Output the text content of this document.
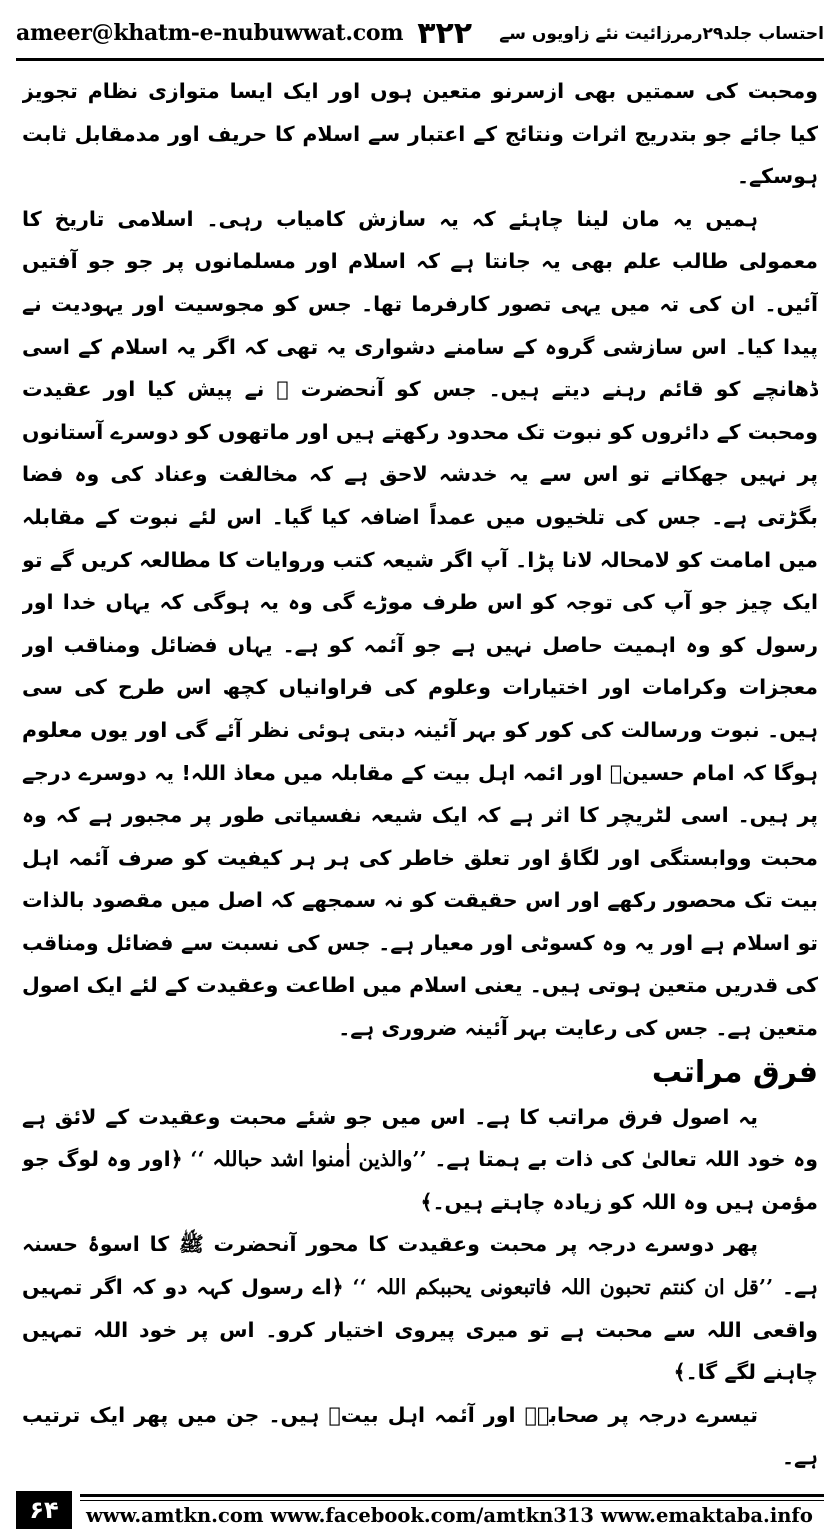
ameer@khatm-e-nubuwwat.com ۳۲۲ احتساب جلد۲۹رمرزائیت نئے زاویوں سے

ومحبت کی سمتیں بھی ازسرنو متعین ہوں اور ایک ایسا متوازی نظام تجویز کیا جائے جو بتدریج اثرات ونتائج کے اعتبار سے اسلام کا حریف اور مدمقابل ثابت ہوسکے۔

ہمیں یہ مان لینا چاہئے کہ یہ سازش کامیاب رہی۔ اسلامی تاریخ کا معمولی طالب علم بھی یہ جانتا ہے کہ اسلام اور مسلمانوں پر جو جو آفتیں آئیں۔ ان کی تہ میں یہی تصور کارفرما تھا۔ جس کو مجوسیت اور یہودیت نے پیدا کیا۔ اس سازشی گروہ کے سامنے دشواری یہ تھی کہ اگر یہ اسلام کے اسی ڈھانچے کو قائم رہنے دیتے ہیں۔ جس کو آنحضرت ﷺ نے پیش کیا اور عقیدت ومحبت کے دائروں کو نبوت تک محدود رکھتے ہیں اور ماتھوں کو دوسرے آستانوں پر نہیں جھکاتے تو اس سے یہ خدشہ لاحق ہے کہ مخالفت وعناد کی وہ فضا بگڑتی ہے۔ جس کی تلخیوں میں عمداً اضافہ کیا گیا۔ اس لئے نبوت کے مقابلہ میں امامت کو لامحالہ لانا پڑا۔ آپ اگر شیعہ کتب وروایات کا مطالعہ کریں گے تو ایک چیز جو آپ کی توجہ کو اس طرف موڑے گی وہ یہ ہوگی کہ یہاں خدا اور رسول کو وہ اہمیت حاصل نہیں ہے جو آئمہ کو ہے۔ یہاں فضائل ومناقب اور معجزات وکرامات اور اختیارات وعلوم کی فراوانیاں کچھ اس طرح کی سی ہیں۔ نبوت ورسالت کی کور کو بہر آئینہ دبتی ہوئی نظر آئے گی اور یوں معلوم ہوگا کہ امام حسینؓ اور ائمہ اہل بیت کے مقابلہ میں معاذ اللہ! یہ دوسرے درجے پر ہیں۔ اسی لٹریچر کا اثر ہے کہ ایک شیعہ نفسیاتی طور پر مجبور ہے کہ وہ محبت ووابستگی اور لگاؤ اور تعلق خاطر کی ہر ہر کیفیت کو صرف آئمہ اہل بیت تک محصور رکھے اور اس حقیقت کو نہ سمجھے کہ اصل میں مقصود بالذات تو اسلام ہے اور یہ وہ کسوٹی اور معیار ہے۔ جس کی نسبت سے فضائل ومناقب کی قدریں متعین ہوتی ہیں۔ یعنی اسلام میں اطاعت وعقیدت کے لئے ایک اصول متعین ہے۔ جس کی رعایت بہر آئینہ ضروری ہے۔

فرق مراتب

یہ اصول فرق مراتب کا ہے۔ اس میں جو شئے محبت وعقیدت کے لائق ہے وہ خود اللہ تعالیٰ کی ذات بے ہمتا ہے۔ ’’والذین اٰمنوا اشد حباللہ ‘‘ ﴿اور وہ لوگ جو مؤمن ہیں وہ اللہ کو زیادہ چاہتے ہیں۔﴾

پھر دوسرے درجہ پر محبت وعقیدت کا محور آنحضرت ﷺ کا اسوۂ حسنہ ہے۔ ’’قل ان کنتم تحبون اللہ فاتبعونی یحببکم اللہ ‘‘ ﴿اے رسول کہہ دو کہ اگر تمہیں واقعی اللہ سے محبت ہے تو میری پیروی اختیار کرو۔ اس پر خود اللہ تمہیں چاہنے لگے گا۔﴾

تیسرے درجہ پر صحابہؓ اور آئمہ اہل بیتؓ ہیں۔ جن میں پھر ایک ترتیب ہے۔

۶۴	www.amtkn.com www.facebook.com/amtkn313 www.emaktaba.info
